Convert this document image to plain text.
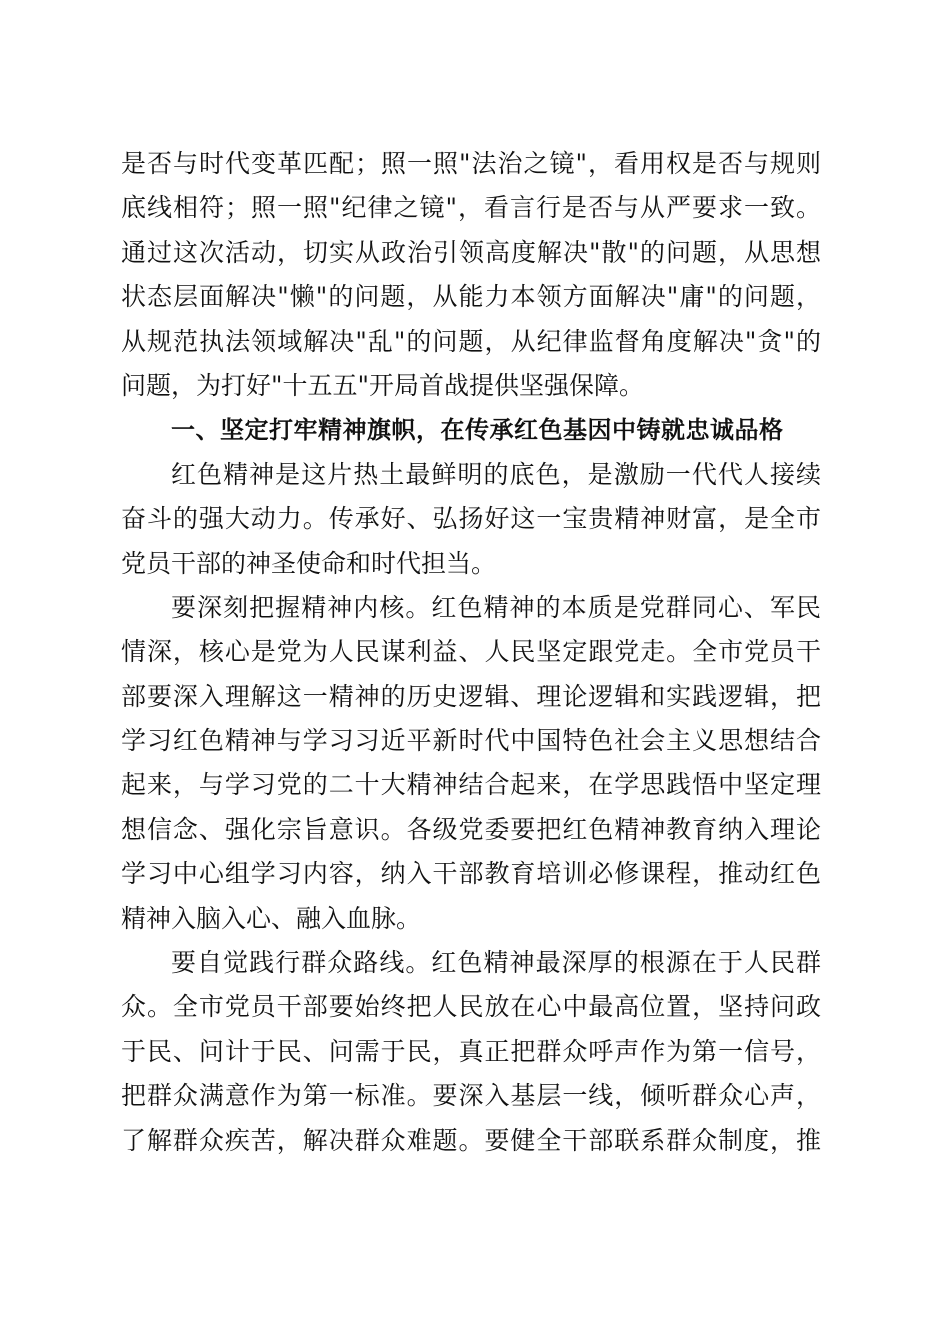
是否与时代变革匹配；照一照"法治之镜"，看用权是否与规则
底线相符；照一照"纪律之镜"，看言行是否与从严要求一致。
通过这次活动，切实从政治引领高度解决"散"的问题，从思想
状态层面解决"懒"的问题，从能力本领方面解决"庸"的问题，
从规范执法领域解决"乱"的问题，从纪律监督角度解决"贪"的
问题，为打好"十五五"开局首战提供坚强保障。
一、坚定打牢精神旗帜，在传承红色基因中铸就忠诚品格
红色精神是这片热土最鲜明的底色，是激励一代代人接续
奋斗的强大动力。传承好、弘扬好这一宝贵精神财富，是全市
党员干部的神圣使命和时代担当。
要深刻把握精神内核。红色精神的本质是党群同心、军民
情深，核心是党为人民谋利益、人民坚定跟党走。全市党员干
部要深入理解这一精神的历史逻辑、理论逻辑和实践逻辑，把
学习红色精神与学习习近平新时代中国特色社会主义思想结合
起来，与学习党的二十大精神结合起来，在学思践悟中坚定理
想信念、强化宗旨意识。各级党委要把红色精神教育纳入理论
学习中心组学习内容，纳入干部教育培训必修课程，推动红色
精神入脑入心、融入血脉。
要自觉践行群众路线。红色精神最深厚的根源在于人民群
众。全市党员干部要始终把人民放在心中最高位置，坚持问政
于民、问计于民、问需于民，真正把群众呼声作为第一信号，
把群众满意作为第一标准。要深入基层一线，倾听群众心声，
了解群众疾苦，解决群众难题。要健全干部联系群众制度，推
